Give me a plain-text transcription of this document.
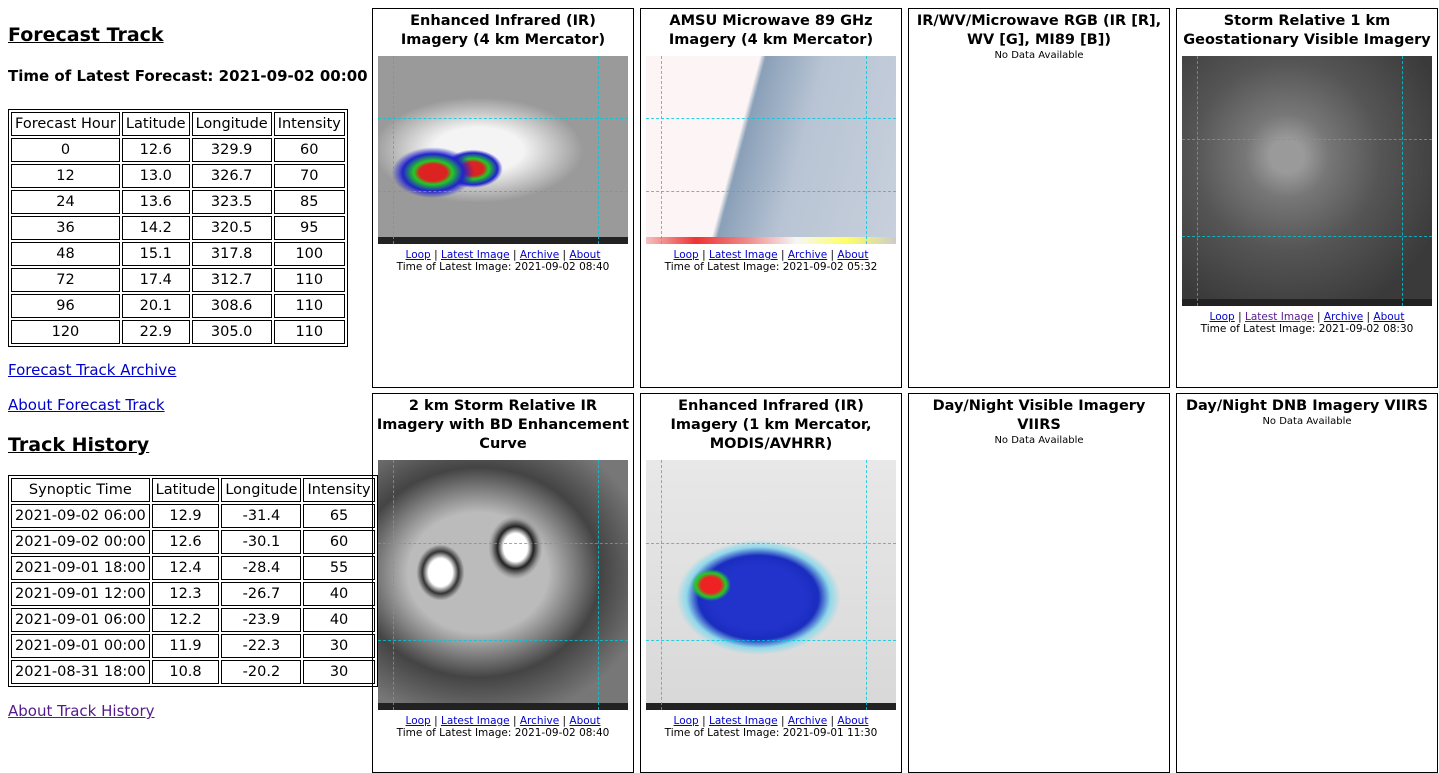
Forecast Track
Time of Latest Forecast: 2021-09-02 00:00
Forecast Hour	Latitude	Longitude	Intensity
0	12.6	329.9	60
12	13.0	326.7	70
24	13.6	323.5	85
36	14.2	320.5	95
48	15.1	317.8	100
72	17.4	312.7	110
96	20.1	308.6	110
120	22.9	305.0	110
Forecast Track Archive
About Forecast Track
Track History
Synoptic Time	Latitude	Longitude	Intensity
2021-09-02 06:00	12.9	-31.4	65
2021-09-02 00:00	12.6	-30.1	60
2021-09-01 18:00	12.4	-28.4	55
2021-09-01 12:00	12.3	-26.7	40
2021-09-01 06:00	12.2	-23.9	40
2021-09-01 00:00	11.9	-22.3	30
2021-08-31 18:00	10.8	-20.2	30
About Track History
Enhanced Infrared (IR) Imagery (4 km Mercator)
Loop | Latest Image | Archive | About
Time of Latest Image: 2021-09-02 08:40
AMSU Microwave 89 GHz Imagery (4 km Mercator)
Loop | Latest Image | Archive | About
Time of Latest Image: 2021-09-02 05:32
IR/WV/Microwave RGB (IR [R], WV [G], MI89 [B])
No Data Available
Storm Relative 1 km Geostationary Visible Imagery
Loop | Latest Image | Archive | About
Time of Latest Image: 2021-09-02 08:30
2 km Storm Relative IR Imagery with BD Enhancement Curve
Loop | Latest Image | Archive | About
Time of Latest Image: 2021-09-02 08:40
Enhanced Infrared (IR) Imagery (1 km Mercator, MODIS/AVHRR)
Loop | Latest Image | Archive | About
Time of Latest Image: 2021-09-01 11:30
Day/Night Visible Imagery VIIRS
No Data Available
Day/Night DNB Imagery VIIRS
No Data Available
